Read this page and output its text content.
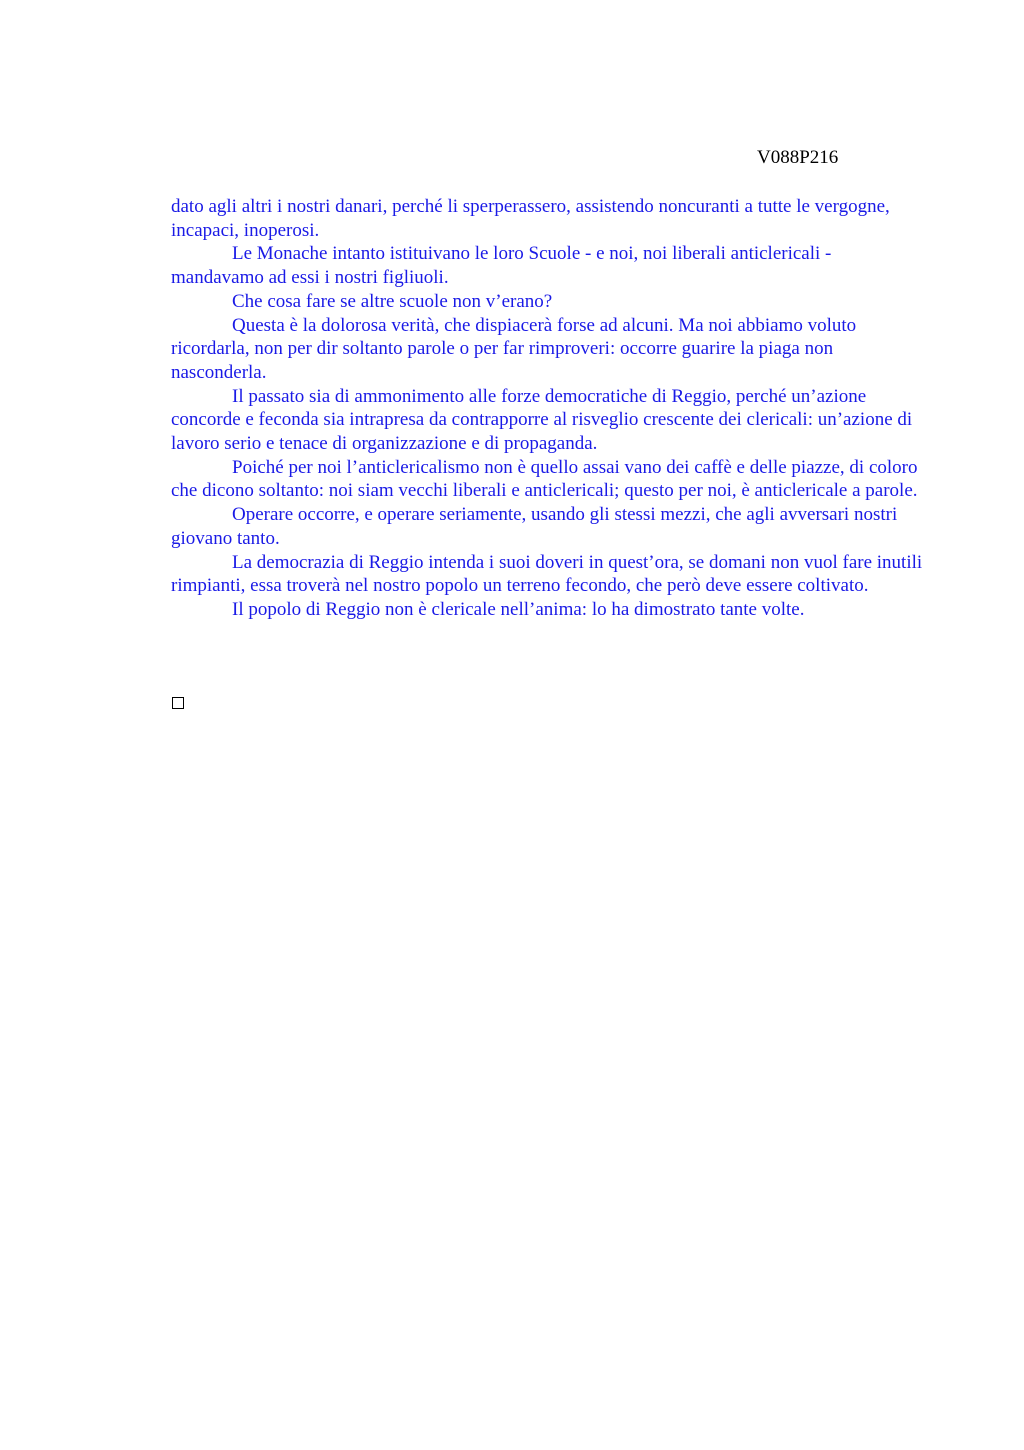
V088P216

dato agli altri i nostri danari, perché li sperperassero, assistendo noncuranti a tutte le vergogne, incapaci, inoperosi.

Le Monache intanto istituivano le loro Scuole - e noi, noi liberali anticlericali - mandavamo ad essi i nostri figliuoli.

Che cosa fare se altre scuole non v’erano?

Questa è la dolorosa verità, che dispiacerà forse ad alcuni. Ma noi abbiamo voluto ricordarla, non per dir soltanto parole o per far rimproveri: occorre guarire la piaga non nasconderla.

Il passato sia di ammonimento alle forze democratiche di Reggio, perché un’azione concorde e feconda sia intrapresa da contrapporre al risveglio crescente dei clericali: un’azione di lavoro serio e tenace di organizzazione e di propaganda.

Poiché per noi l’anticlericalismo non è quello assai vano dei caffè e delle piazze, di coloro che dicono soltanto: noi siam vecchi liberali e anticlericali; questo per noi, è anticlericale a parole.

Operare occorre, e operare seriamente, usando gli stessi mezzi, che agli avversari nostri giovano tanto.

La democrazia di Reggio intenda i suoi doveri in quest’ora, se domani non vuol fare inutili rimpianti, essa troverà nel nostro popolo un terreno fecondo, che però deve essere coltivato.

Il popolo di Reggio non è clericale nell’anima: lo ha dimostrato tante volte.
